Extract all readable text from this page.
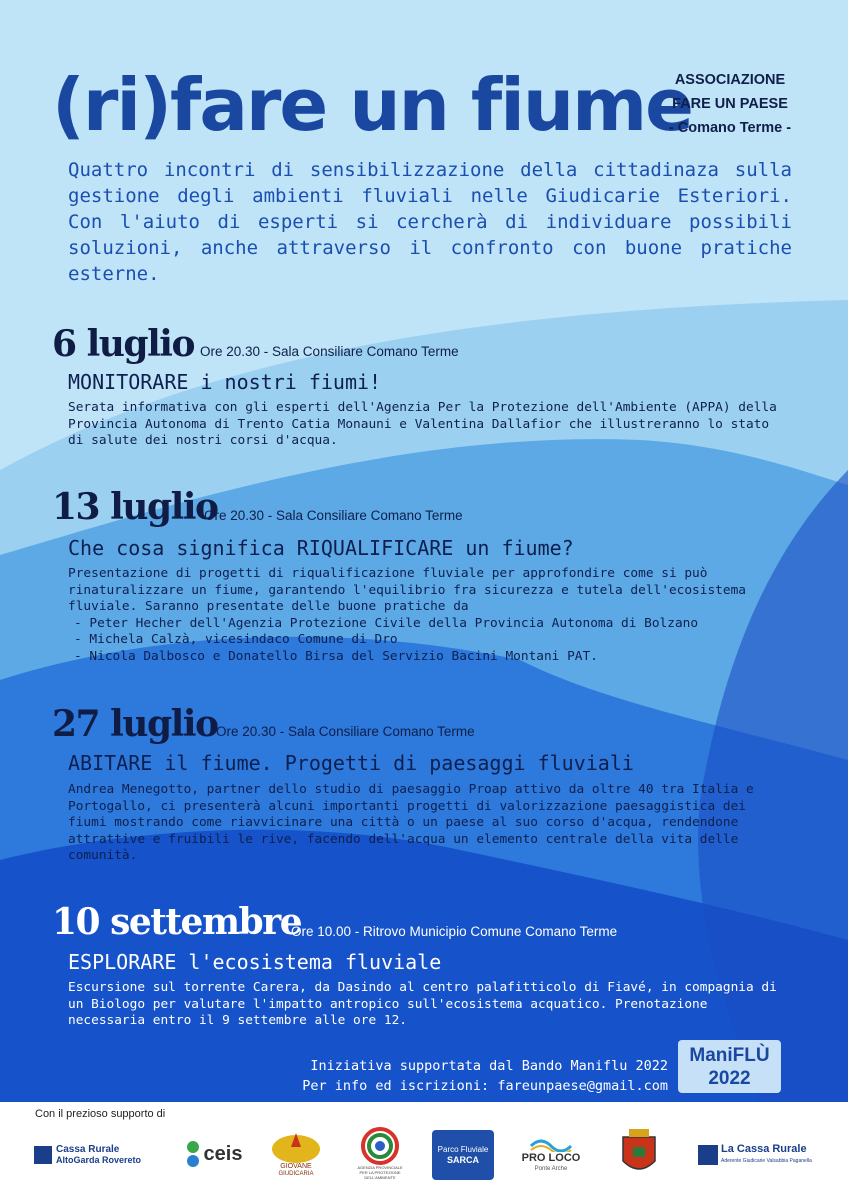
(ri)fare un fiume
ASSOCIAZIONE
FARE UN PAESE
- Comano Terme -

Quattro incontri di sensibilizzazione della cittadinaza sulla gestione degli ambienti fluviali nelle Giudicarie Esteriori. Con l'aiuto di esperti si cercherà di individuare possibili soluzioni, anche attraverso il confronto con buone pratiche esterne.

6 luglio Ore 20.30 - Sala Consiliare Comano Terme
MONITORARE i nostri fiumi!

Serata informativa con gli esperti dell'Agenzia Per la Protezione dell'Ambiente (APPA) della Provincia Autonoma di Trento Catia Monauni e Valentina Dallafior che illustreranno lo stato di salute dei nostri corsi d'acqua.

13 luglio
Ore 20.30 - Sala Consiliare Comano Terme
Che cosa significa RIQUALIFICARE un fiume?
Presentazione di progetti di riqualificazione fluviale per approfondire come si può rinaturalizzare un fiume, garantendo l'equilibrio fra sicurezza e tutela dell'ecosistema fluviale. Saranno presentate delle buone pratiche da
- Peter Hecher dell'Agenzia Protezione Civile della Provincia Autonoma di Bolzano
- Michela Calzà, vicesindaco Comune di Dro
- Nicola Dalbosco e Donatello Birsa del Servizio Bacini Montani PAT.
27 luglio
Ore 20.30 - Sala Consiliare Comano Terme
ABITARE il fiume. Progetti di paesaggi fluviali

Andrea Menegotto, partner dello studio di paesaggio Proap attivo da oltre 40 tra Italia e Portogallo, ci presenterà alcuni importanti progetti di valorizzazione paesaggistica dei fiumi mostrando come riavvicinare una città o un paese al suo corso d'acqua, rendendone attrattive e fruibili le rive, facendo dell'acqua un elemento centrale della vita delle comunità.

10 settembre
Ore 10.00 - Ritrovo Municipio Comune Comano Terme
ESPLORARE l'ecosistema fluviale

Escursione sul torrente Carera, da Dasindo al centro palafitticolo di Fiavé, in compagnia di un Biologo per valutare l'impatto antropico sull'ecosistema acquatico. Prenotazione necessaria entro il 9 settembre alle ore 12.

Iniziativa supportata dal Bando Maniflu 2022
Per info ed iscrizioni: fareunpaese@gmail.com
ManiFLÙ
2022
Con il prezioso supporto di
Cassa Rurale
AltoGarda Rovereto	ceis
GIOVANE
GIUDICARIA
AGENZIA PROVINCIALE
PER LA PROTEZIONE DELL'AMBIENTE
Parco Fluviale
SARCA	PRO LOCO
Ponte Arche
La Cassa Rurale
Aderente Giudicarie Valsabbia Paganella
